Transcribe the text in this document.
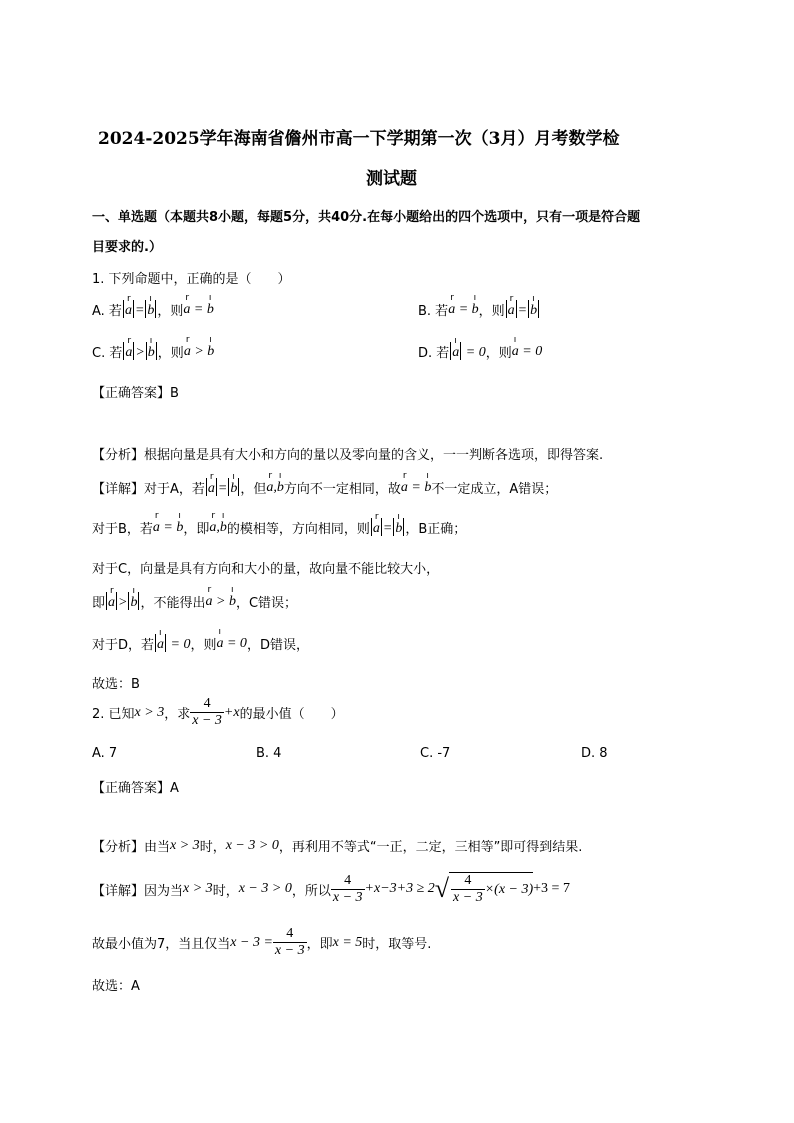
2024-2025学年海南省儋州市高一下学期第一次（3月）月考数学检
测试题
一、单选题（本题共8小题，每题5分，共40分.在每小题给出的四个选项中，只有一项是符合题
目要求的.）
1. 下列命题中，正确的是（　　）
A. 若 a
r
= b
ı
，则 a
r
= b
ı
B. 若 a
r
= b
ı
，则 a
r
= b
ı
C. 若 a
r
> b
ı
，则 a
r
> b
ı
D. 若 a
ı
= 0 ，则 a
ı
= 0
【正确答案】B
【分析】根据向量是具有大小和方向的量以及零向量的含义，一一判断各选项，即得答案.
【详解】对于A，若 a
r
= b
ı
，但 a
r
,b
ı
方向不一定相同，故 a
r
= b
ı
不一定成立，A错误；
对于B，若 a
r
= b
ı
，即 a
r
,b
ı
的模相等，方向相同，则 a
r
= b
ı
，B正确；
对于C，向量是具有方向和大小的量，故向量不能比较大小，
即 a
r
> b
ı
，不能得出 a
r
> b
ı
，C错误；
对于D，若 a
ı
= 0 ，则 a
ı
= 0 ，D错误，
故选：B
2. 已知 x > 3 ，求 $\frac{4}{x - 3} +x$ 的最小值（　　）
A. 7	B. 4	C. -7	D. 8
【正确答案】A
【分析】由当 x > 3 时， x − 3 > 0 ，再利用不等式“一正，二定，三相等”即可得到结果.
【详解】因为当 x > 3 时， x − 3 > 0 ，所以 $\frac{4}{x - 3} +x-3+3 \ge 2$ √ $\frac{4}{x - 3} \times(x - 3) +3 = 7$
故最小值为7，当且仅当 $x - 3 = \frac{4}{x - 3}$ ，即 x = 5 时，取等号.
故选：A
